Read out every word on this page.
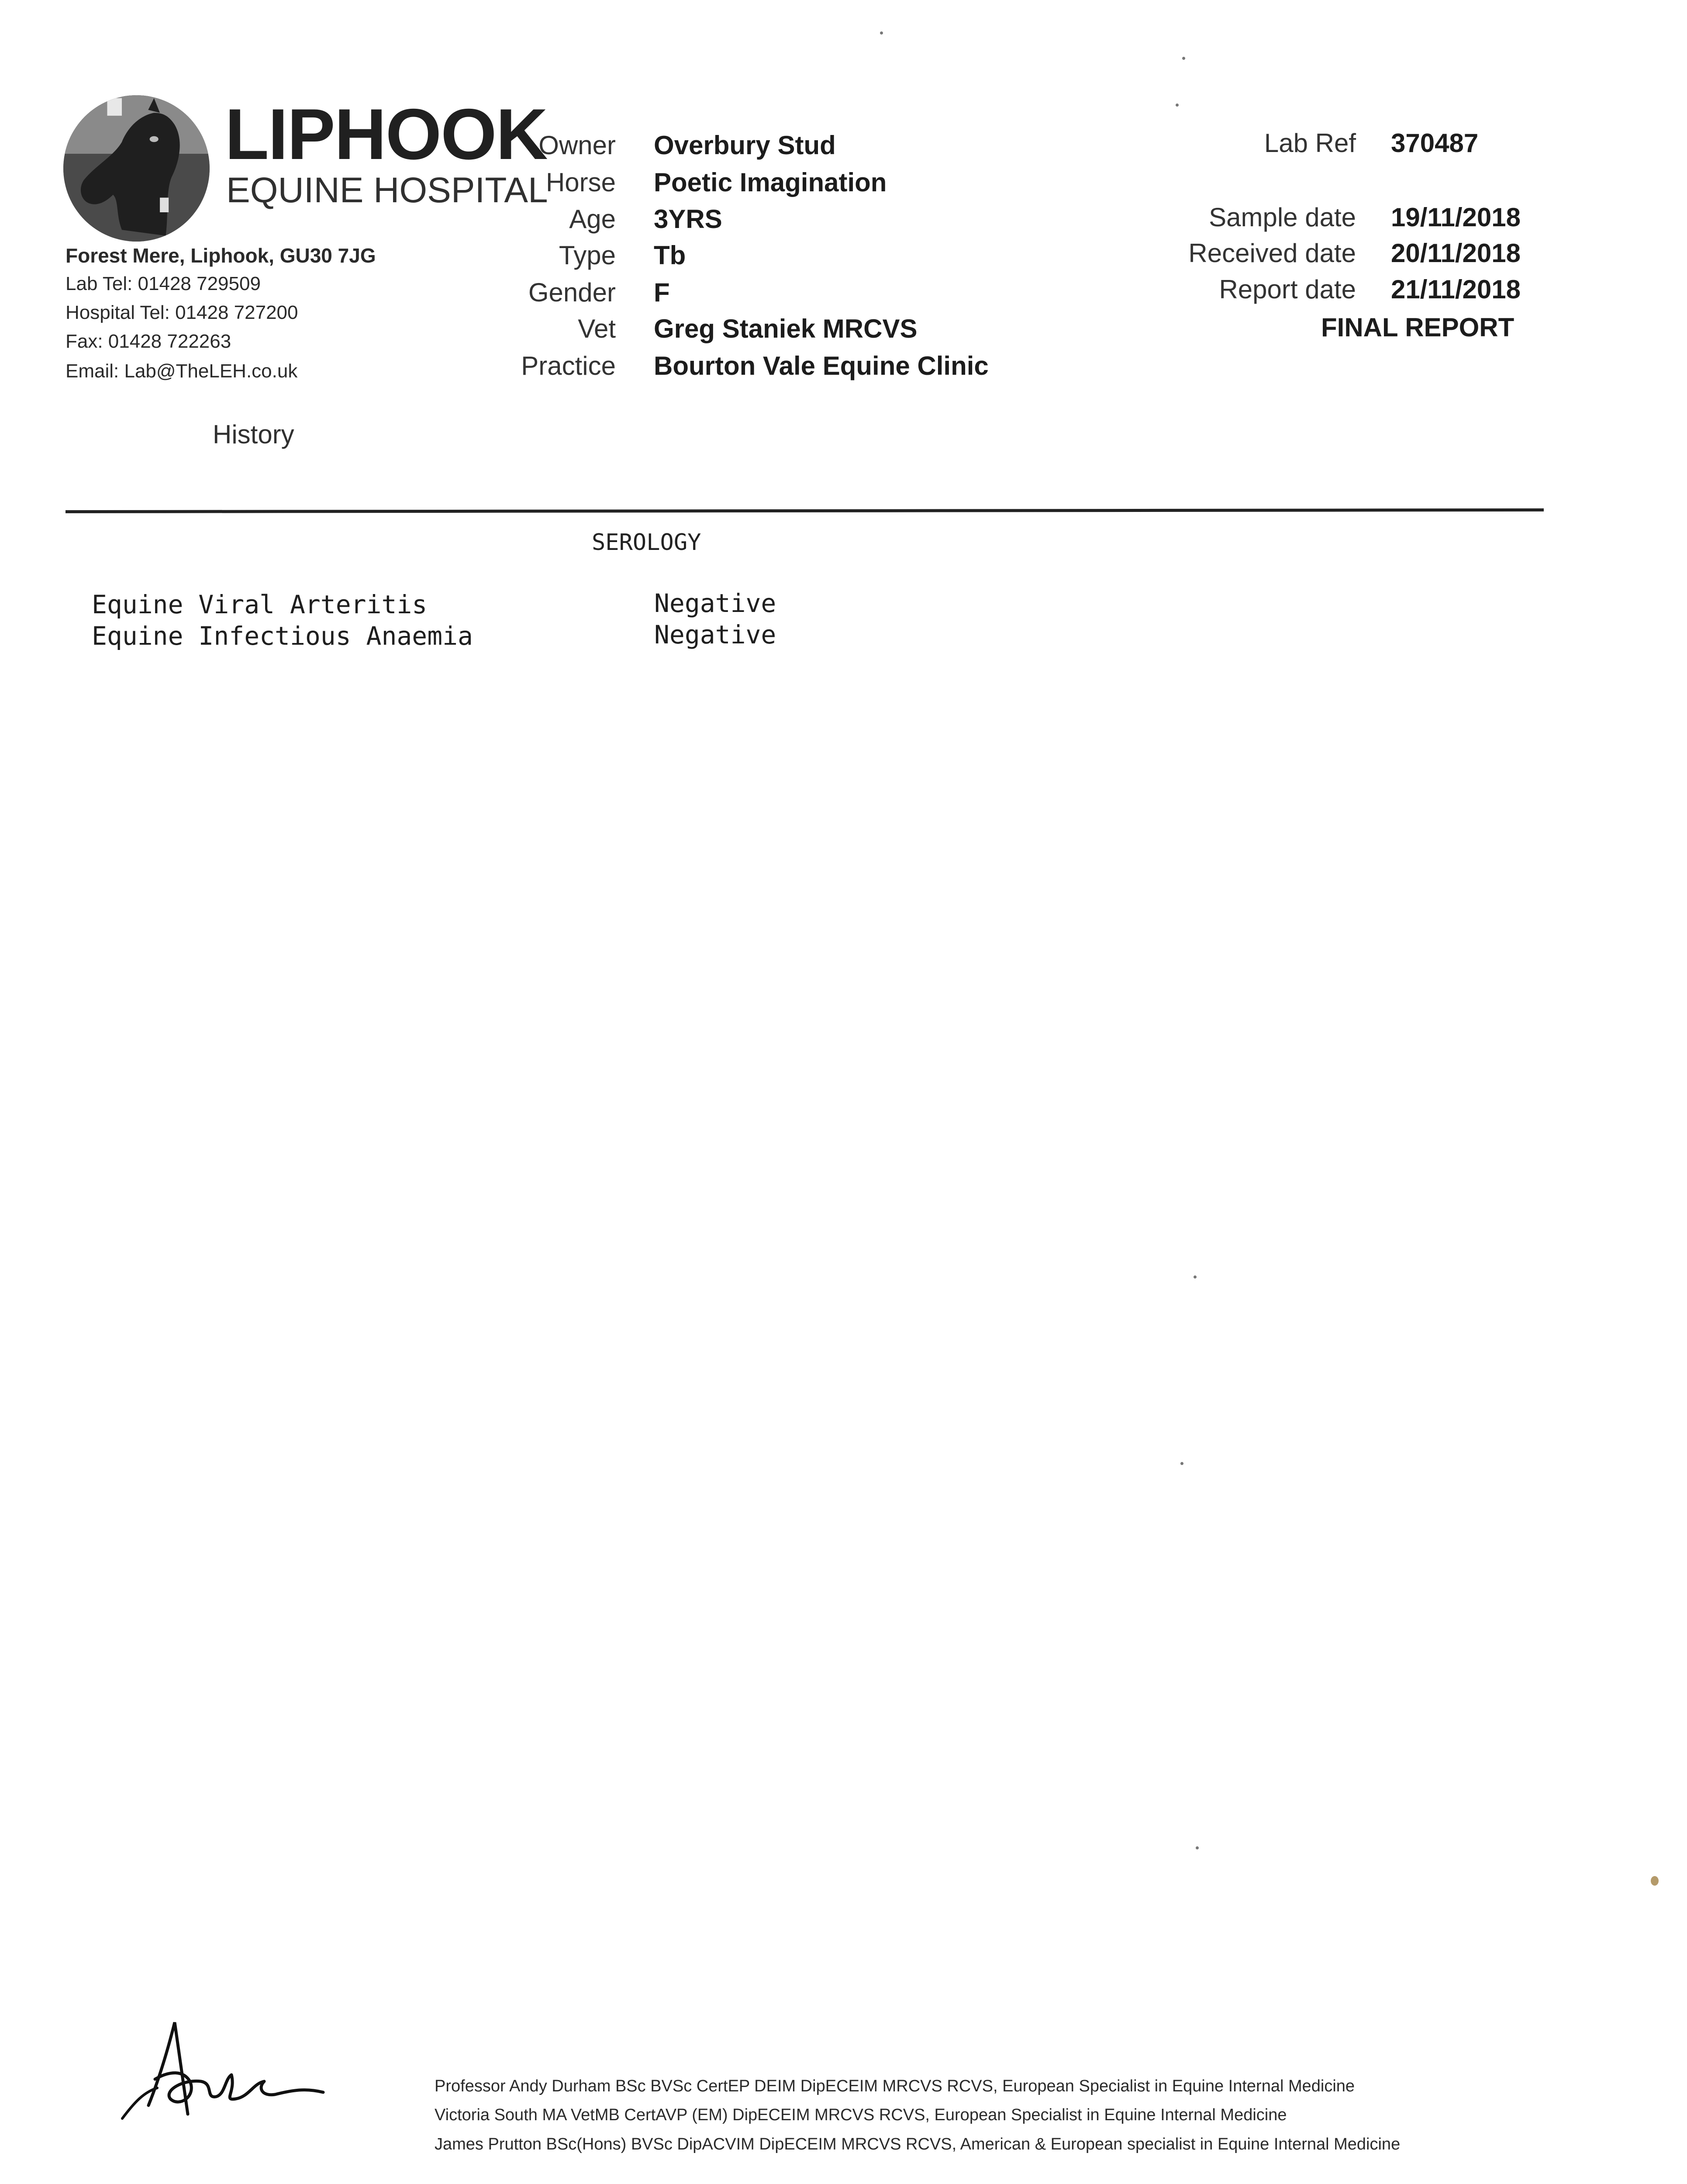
LIPHOOK
EQUINE HOSPITAL
Forest Mere, Liphook, GU30 7JG
Lab Tel: 01428 729509
Hospital Tel: 01428 727200
Fax: 01428 722263
Email: Lab@TheLEH.co.uk
History
Owner Overbury Stud
Horse Poetic Imagination
Age 3YRS
Type Tb
Gender F
Vet Greg Staniek MRCVS
Practice Bourton Vale Equine Clinic
Lab Ref 370487
Sample date 19/11/2018
Received date 20/11/2018
Report date 21/11/2018
FINAL REPORT
SEROLOGY
Equine Viral Arteritis	Negative
Equine Infectious Anaemia	Negative
Professor Andy Durham BSc BVSc CertEP DEIM DipECEIM MRCVS RCVS, European Specialist in Equine Internal Medicine
Victoria South MA VetMB CertAVP (EM) DipECEIM MRCVS RCVS, European Specialist in Equine Internal Medicine
James Prutton BSc(Hons) BVSc DipACVIM DipECEIM MRCVS RCVS, American & European specialist in Equine Internal Medicine
